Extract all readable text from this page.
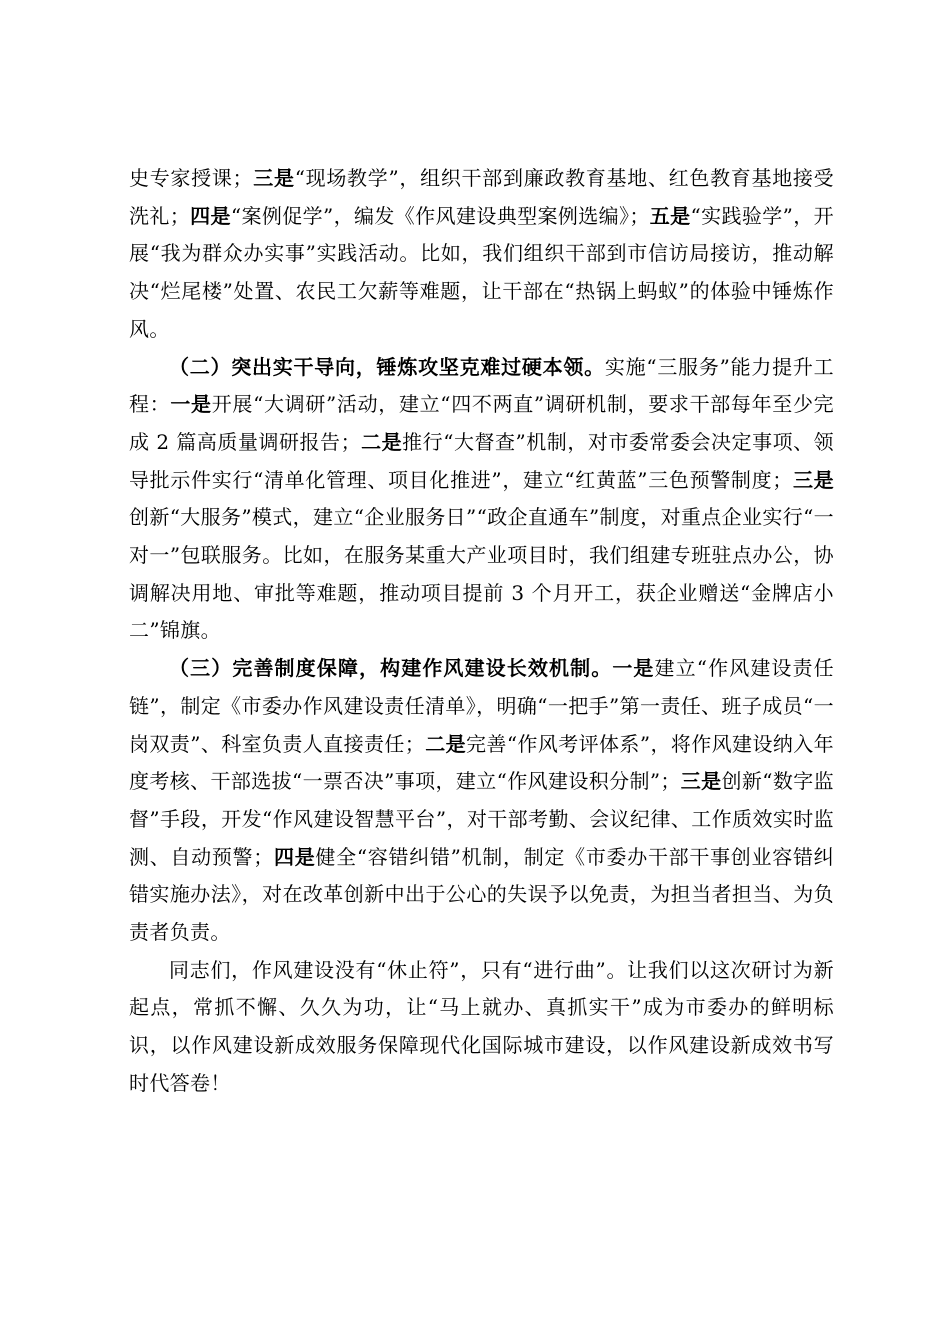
史专家授课；三是“现场教学”，组织干部到廉政教育基地、红色教育基地接受洗礼；四是“案例促学”，编发《作风建设典型案例选编》；五是“实践验学”，开展“我为群众办实事”实践活动。比如，我们组织干部到市信访局接访，推动解决“烂尾楼”处置、农民工欠薪等难题，让干部在“热锅上蚂蚁”的体验中锤炼作风。

（二）突出实干导向，锤炼攻坚克难过硬本领。实施“三服务”能力提升工程：一是开展“大调研”活动，建立“四不两直”调研机制，要求干部每年至少完成 2 篇高质量调研报告；二是推行“大督查”机制，对市委常委会决定事项、领导批示件实行“清单化管理、项目化推进”，建立“红黄蓝”三色预警制度；三是创新“大服务”模式，建立“企业服务日”“政企直通车”制度，对重点企业实行“一对一”包联服务。比如，在服务某重大产业项目时，我们组建专班驻点办公，协调解决用地、审批等难题，推动项目提前 3 个月开工，获企业赠送“金牌店小二”锦旗。

（三）完善制度保障，构建作风建设长效机制。一是建立“作风建设责任链”，制定《市委办作风建设责任清单》，明确“一把手”第一责任、班子成员“一岗双责”、科室负责人直接责任；二是完善“作风考评体系”，将作风建设纳入年度考核、干部选拔“一票否决”事项，建立“作风建设积分制”；三是创新“数字监督”手段，开发“作风建设智慧平台”，对干部考勤、会议纪律、工作质效实时监测、自动预警；四是健全“容错纠错”机制，制定《市委办干部干事创业容错纠错实施办法》，对在改革创新中出于公心的失误予以免责，为担当者担当、为负责者负责。

同志们，作风建设没有“休止符”，只有“进行曲”。让我们以这次研讨为新起点，常抓不懈、久久为功，让“马上就办、真抓实干”成为市委办的鲜明标识，以作风建设新成效服务保障现代化国际城市建设，以作风建设新成效书写时代答卷！
